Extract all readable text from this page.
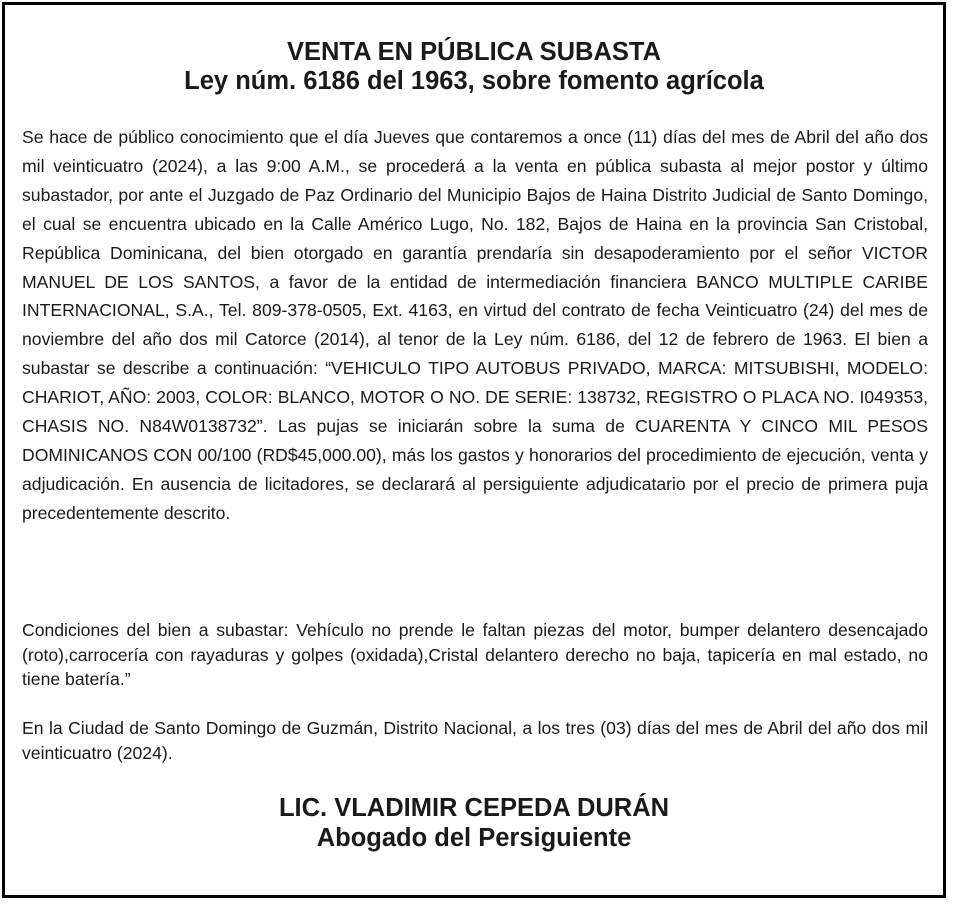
VENTA EN PÚBLICA SUBASTA
Ley núm. 6186 del 1963, sobre fomento agrícola

Se hace de público conocimiento que el día Jueves que contaremos a once (11) días del mes de Abril del año dos mil veinticuatro (2024), a las 9:00 A.M., se procederá a la venta en pública subasta al mejor postor y último subastador, por ante el Juzgado de Paz Ordinario del Municipio Bajos de Haina Distrito Judicial de Santo Domingo, el cual se encuentra ubicado en la Calle Américo Lugo, No. 182, Bajos de Haina en la provincia San Cristobal, República Dominicana, del bien otorgado en garantía prendaría sin desapoderamiento por el señor VICTOR MANUEL DE LOS SANTOS, a favor de la entidad de intermediación financiera BANCO MULTIPLE CARIBE INTERNACIONAL, S.A., Tel. 809-378-0505, Ext. 4163, en virtud del contrato de fecha Veinticuatro (24) del mes de noviembre del año dos mil Catorce (2014), al tenor de la Ley núm. 6186, del 12 de febrero de 1963. El bien a subastar se describe a continuación: “VEHICULO TIPO AUTOBUS PRIVADO, MARCA: MITSUBISHI, MODELO: CHARIOT, AÑO: 2003, COLOR: BLANCO, MOTOR O NO. DE SERIE: 138732, REGISTRO O PLACA NO. I049353, CHASIS NO. N84W0138732”. Las pujas se iniciarán sobre la suma de CUARENTA Y CINCO MIL PESOS DOMINICANOS CON 00/100 (RD$45,000.00), más los gastos y honorarios del procedimiento de ejecución, venta y adjudicación. En ausencia de licitadores, se declarará al persiguiente adjudicatario por el precio de primera puja precedentemente descrito.

Condiciones del bien a subastar: Vehículo no prende le faltan piezas del motor, bumper delantero desencajado (roto),carrocería con rayaduras y golpes (oxidada),Cristal delantero derecho no baja, tapicería en mal estado, no tiene batería.”

En la Ciudad de Santo Domingo de Guzmán, Distrito Nacional, a los tres (03) días del mes de Abril del año dos mil veinticuatro (2024).

LIC. VLADIMIR CEPEDA DURÁN
Abogado del Persiguiente
